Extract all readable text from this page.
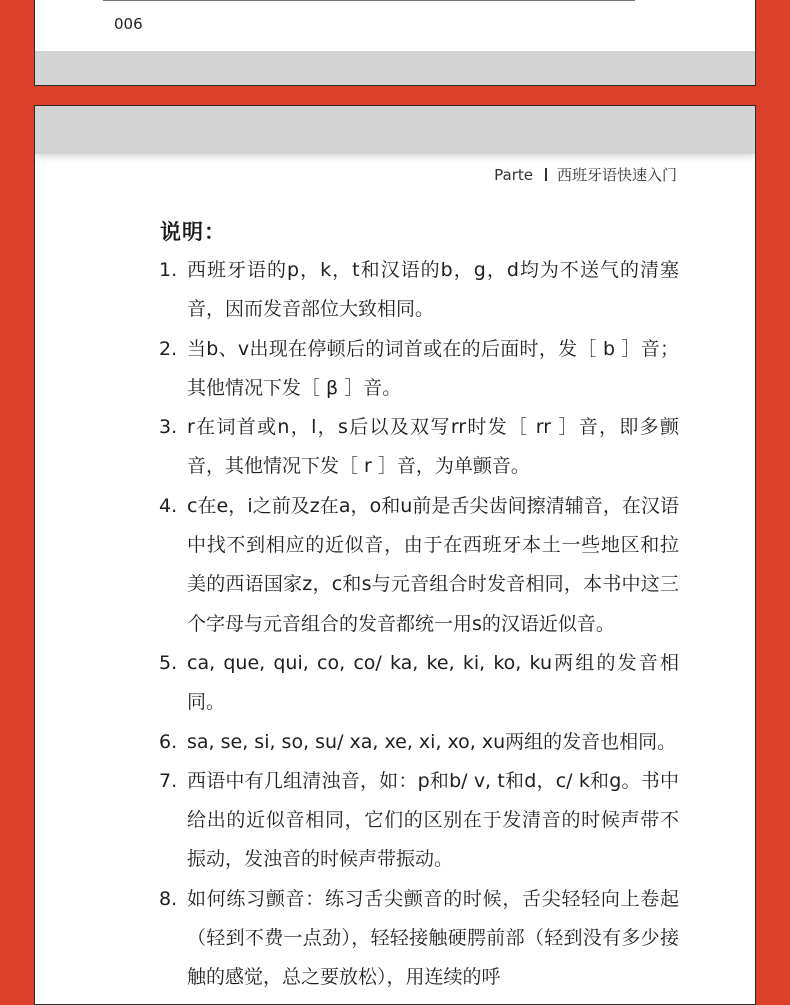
006
Parte 西班牙语快速入门
说明：
1. 西班牙语的p，k，t和汉语的b，g，d均为不送气的清塞音，因而发音部位大致相同。
2. 当b、v出现在停顿后的词首或在的后面时，发［ b ］音；其他情况下发［ β ］音。
3. r在词首或n，l，s后以及双写rr时发［ rr ］音，即多颤音，其他情况下发［ r ］音，为单颤音。
4. c在e，i之前及z在a，o和u前是舌尖齿间擦清辅音，在汉语中找不到相应的近似音，由于在西班牙本土一些地区和拉美的西语国家z，c和s与元音组合时发音相同，本书中这三个字母与元音组合的发音都统一用s的汉语近似音。
5. ca, que, qui, co, co/ ka, ke, ki, ko, ku两组的发音相同。
6. sa, se, si, so, su/ xa, xe, xi, xo, xu两组的发音也相同。
7. 西语中有几组清浊音，如：p和b/ v, t和d，c/ k和g。书中给出的近似音相同，它们的区别在于发清音的时候声带不振动，发浊音的时候声带振动。
8. 如何练习颤音：练习舌尖颤音的时候，舌尖轻轻向上卷起（轻到不费一点劲），轻轻接触硬腭前部（轻到没有多少接触的感觉，总之要放松），用连续的呼
